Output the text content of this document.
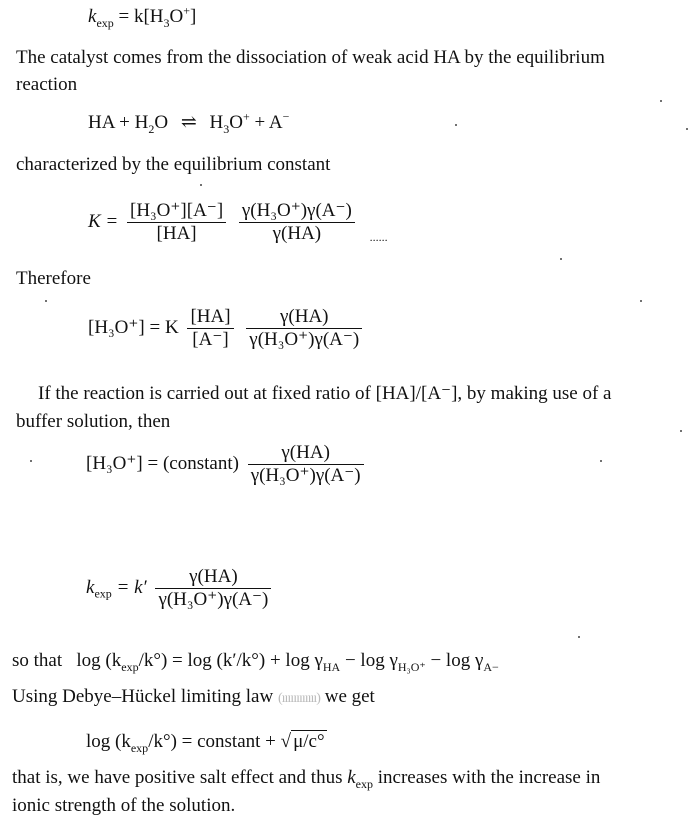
$k_{exp} = k[H_3O^+]$
The catalyst comes from the dissociation of weak acid HA by the equilibrium
reaction
HA + $H_2O$ ⇌ $H_3O^+ + A^-$
characterized by the equilibrium constant
$K = \frac{\text{[H₃O⁺][A⁻]}}{[HA]}$
$\frac{\text{γ(H₃O⁺)γ(A⁻)}}{\gamma(HA)} _{......}$
Therefore
[H₃O⁺] = K $\frac{[HA]}{[A^-]}$
$\frac{\gamma(HA)}{\text{γ(H₃O⁺)γ(A⁻)}}$
If the reaction is carried out at fixed ratio of [HA]/[A⁻], by making use of a
buffer solution, then
[H₃O⁺] = (constant) $\frac{\gamma(HA)}{\text{γ(H₃O⁺)γ(A⁻)}}$
$k_{exp} = k' \frac{\gamma(HA)}{\text{γ(H₃O⁺)γ(A⁻)}}$
so that $\log (k_{exp}/k^\circ) = \log (k'/k^\circ) + \log \gamma_{HA} - \log \gamma_{H_3O^+} - \log \gamma_{A-}$
Using Debye–Hückel limiting law (ıııııııııııı) we get
$\log (k_{exp}/k^\circ)$ = constant + √ μ/c°
that is, we have positive salt effect and thus $k_{exp}$ increases with the increase in
ionic strength of the solution.
